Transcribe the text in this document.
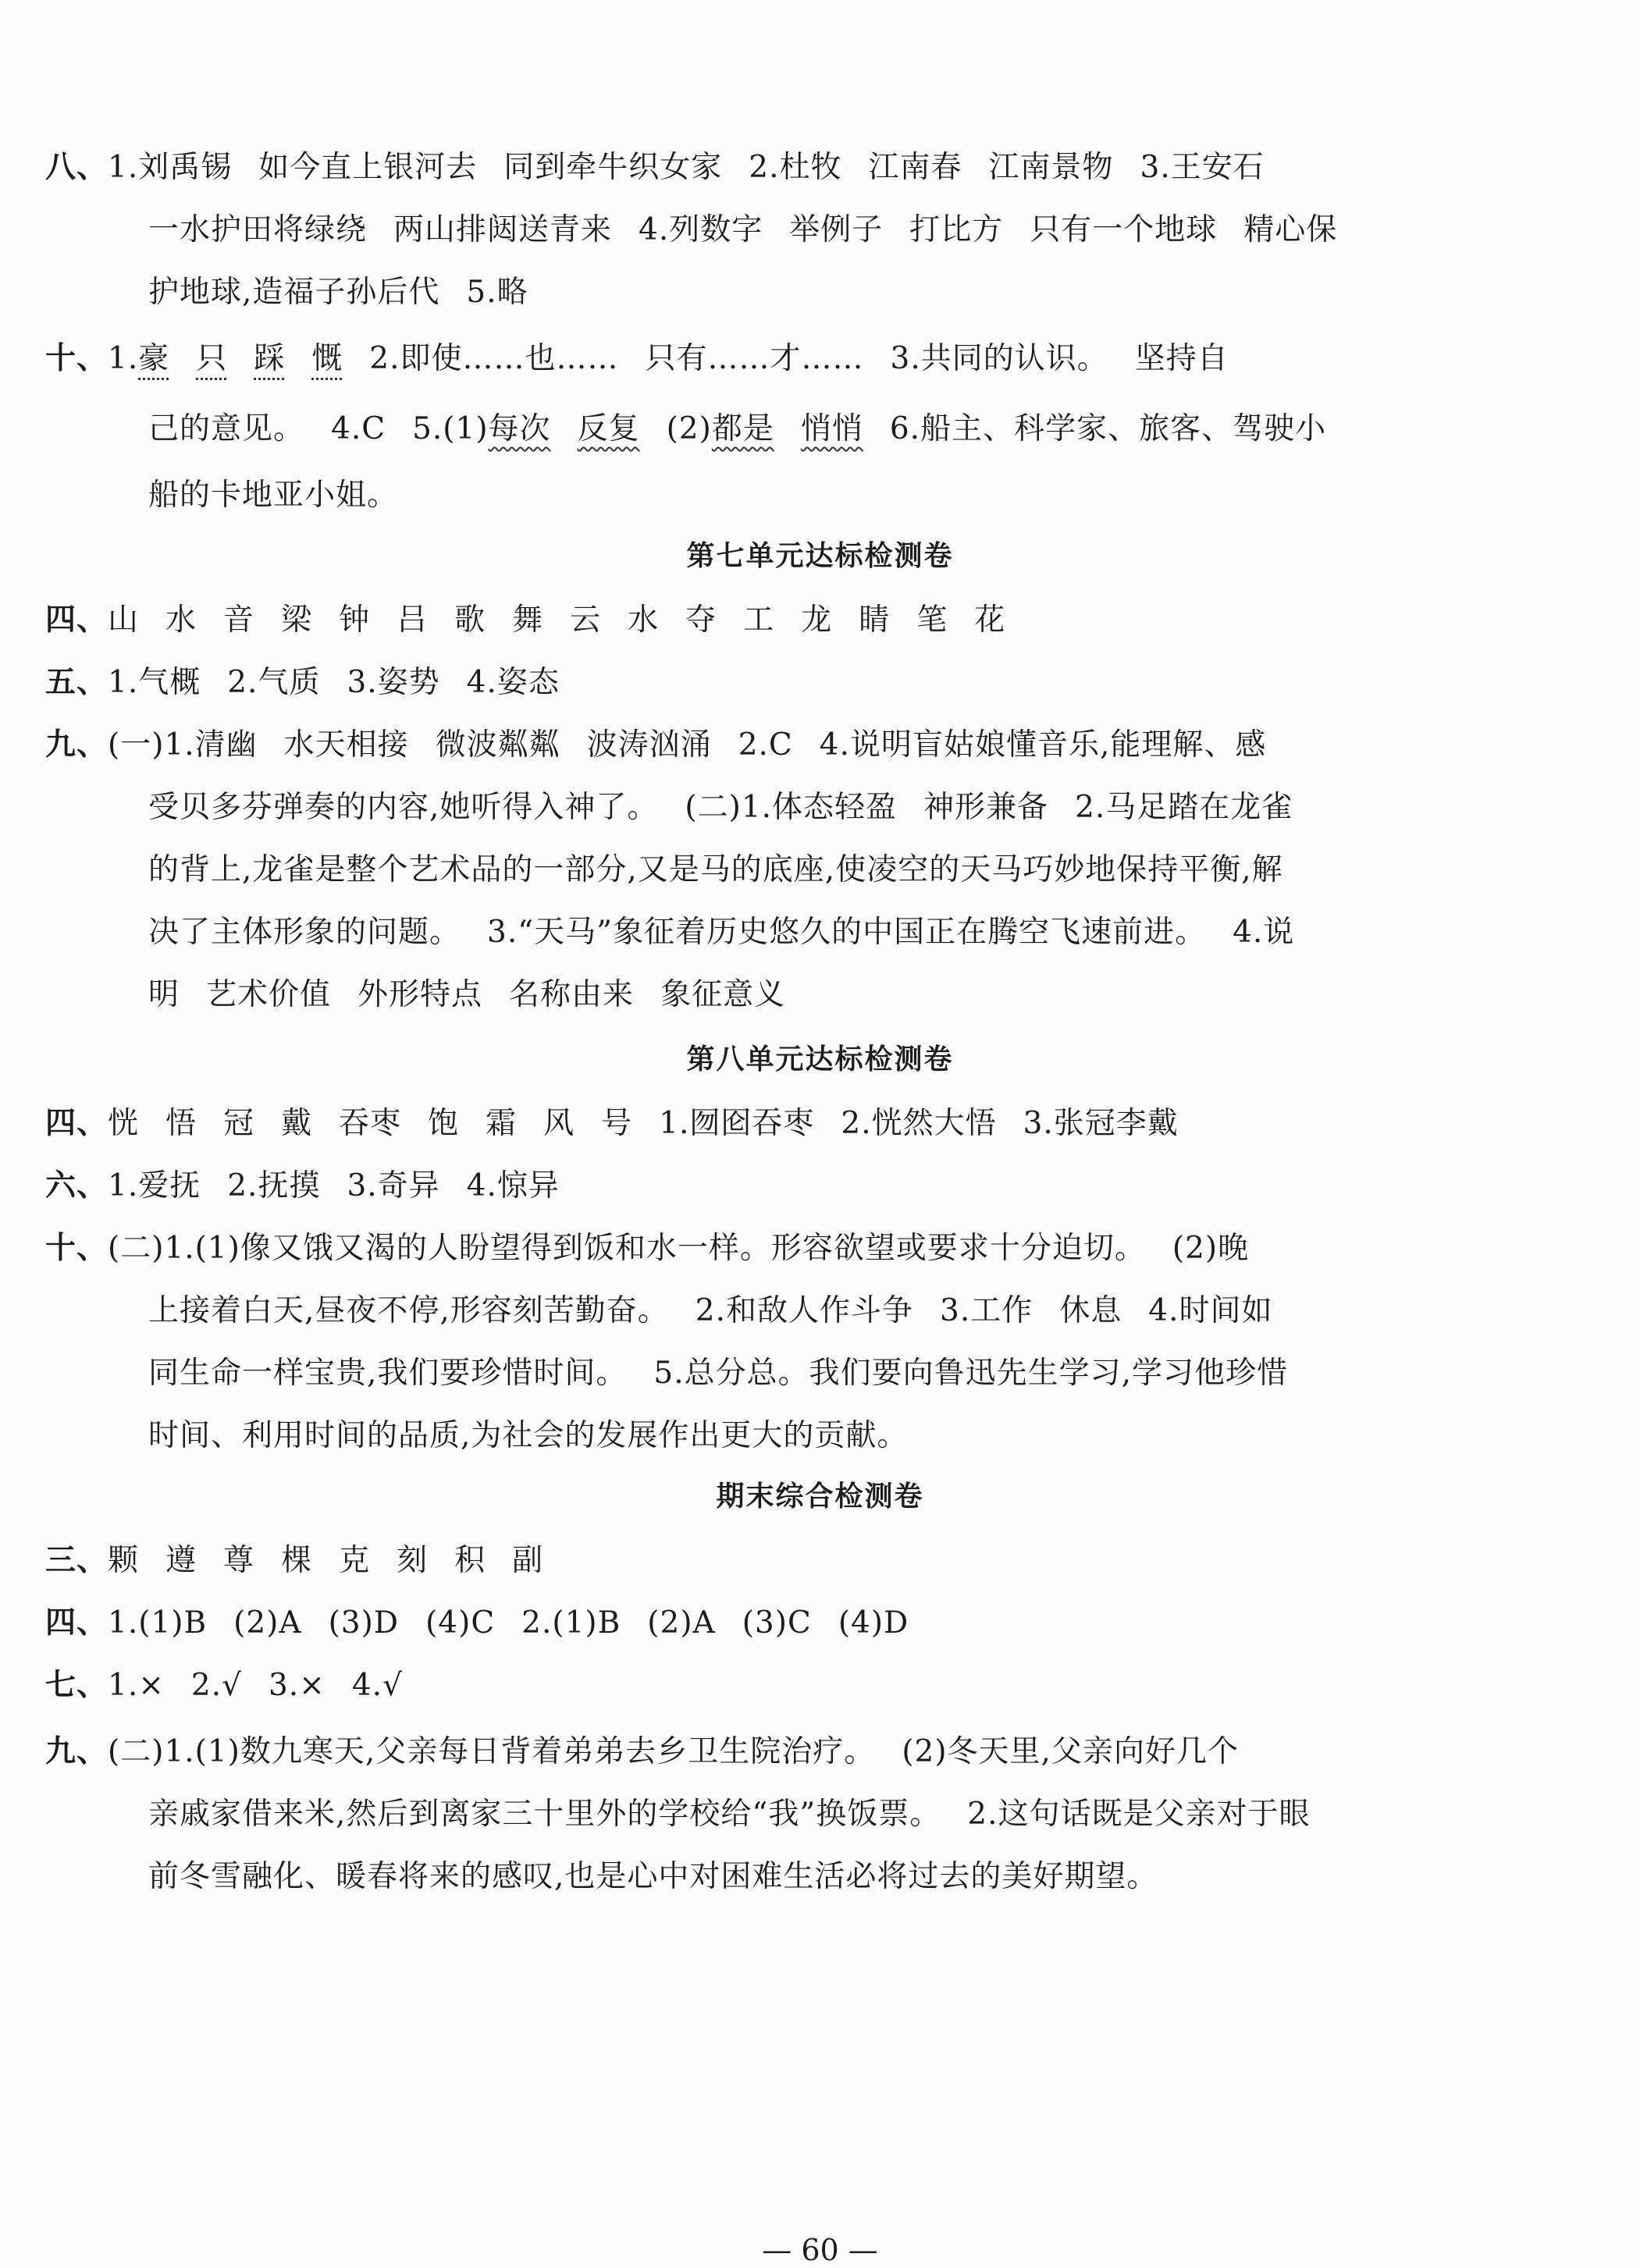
八、1.刘禹锡 如今直上银河去 同到牵牛织女家 2.杜牧 江南春 江南景物 3.王安石
一水护田将绿绕 两山排闼送青来 4.列数字 举例子 打比方 只有一个地球 精心保
护地球,造福子孙后代 5.略
十、1.豪 只 踩 慨 2.即使……也…… 只有……才…… 3.共同的认识。 坚持自
己的意见。 4.C 5.(1)每次 反复 (2)都是 悄悄 6.船主、科学家、旅客、驾驶小
船的卡地亚小姐。
第七单元达标检测卷
四、山 水 音 梁 钟 吕 歌 舞 云 水 夺 工 龙 睛 笔 花
五、1.气概 2.气质 3.姿势 4.姿态
九、(一)1.清幽 水天相接 微波粼粼 波涛汹涌 2.C 4.说明盲姑娘懂音乐,能理解、感
受贝多芬弹奏的内容,她听得入神了。 (二)1.体态轻盈 神形兼备 2.马足踏在龙雀
的背上,龙雀是整个艺术品的一部分,又是马的底座,使凌空的天马巧妙地保持平衡,解
决了主体形象的问题。 3.“天马”象征着历史悠久的中国正在腾空飞速前进。 4.说
明 艺术价值 外形特点 名称由来 象征意义
第八单元达标检测卷
四、恍 悟 冠 戴 吞枣 饱 霜 风 号 1.囫囵吞枣 2.恍然大悟 3.张冠李戴
六、1.爱抚 2.抚摸 3.奇异 4.惊异
十、(二)1.(1)像又饿又渴的人盼望得到饭和水一样。形容欲望或要求十分迫切。 (2)晚
上接着白天,昼夜不停,形容刻苦勤奋。 2.和敌人作斗争 3.工作 休息 4.时间如
同生命一样宝贵,我们要珍惜时间。 5.总分总。我们要向鲁迅先生学习,学习他珍惜
时间、利用时间的品质,为社会的发展作出更大的贡献。
期末综合检测卷
三、颗 遵 尊 棵 克 刻 积 副
四、1.(1)B (2)A (3)D (4)C 2.(1)B (2)A (3)C (4)D
七、1.× 2.√ 3.× 4.√
九、(二)1.(1)数九寒天,父亲每日背着弟弟去乡卫生院治疗。 (2)冬天里,父亲向好几个
亲戚家借来米,然后到离家三十里外的学校给“我”换饭票。 2.这句话既是父亲对于眼
前冬雪融化、暖春将来的感叹,也是心中对困难生活必将过去的美好期望。
— 60 —
